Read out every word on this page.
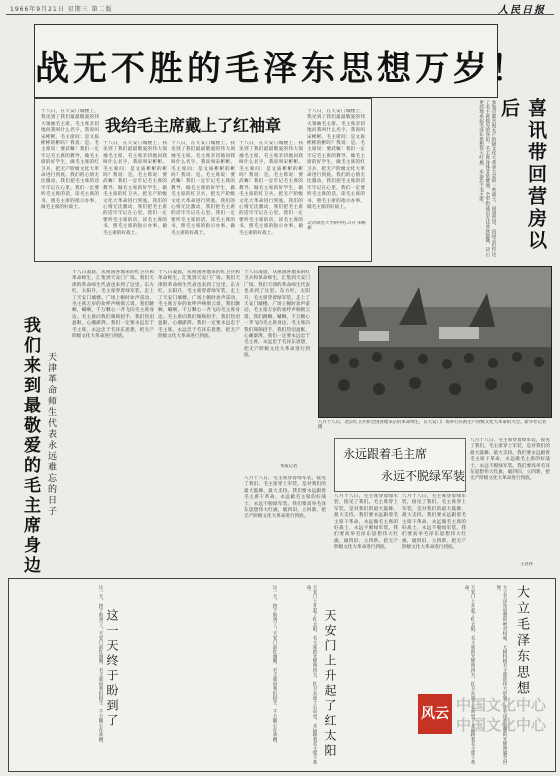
1966年9月21日 星期三 第二版	人民日报
战无不胜的毛泽东思想万岁！
我给毛主席戴上了红袖章
十八日，在天安门城楼上，我见到了我们最最敬爱的伟大领袖毛主席。毛主席亲切地问我叫什么名字，我说叫宋彬彬。毛主席问：是文质彬彬的彬吗？我说：是。毛主席说：要武嘛！我们一定牢记毛主席的教导，做毛主席的好学生，做毛主席的红卫兵，把无产阶级文化大革命进行到底。我们的心情无比激动，我们把毛主席的话牢牢记在心里。我们一定要听毛主席的话，读毛主席的书，照毛主席的指示办事，做毛主席的好战士。
十八日，在天安门城楼上，我见到了我们最最敬爱的伟大领袖毛主席。毛主席亲切地问我叫什么名字，我说叫宋彬彬。毛主席问：是文质彬彬的彬吗？我说：是。毛主席说：要武嘛！我们一定牢记毛主席的教导，做毛主席的好学生，做毛主席的红卫兵，把无产阶级文化大革命进行到底。我们的心情无比激动，我们把毛主席的话牢牢记在心里。我们一定要听毛主席的话，读毛主席的书，照毛主席的指示办事，做毛主席的好战士。
十八日，在天安门城楼上，我见到了我们最最敬爱的伟大领袖毛主席。毛主席亲切地问我叫什么名字，我说叫宋彬彬。毛主席问：是文质彬彬的彬吗？我说：是。毛主席说：要武嘛！我们一定牢记毛主席的教导，做毛主席的好学生，做毛主席的红卫兵，把无产阶级文化大革命进行到底。我们的心情无比激动，我们把毛主席的话牢牢记在心里。我们一定要听毛主席的话，读毛主席的书，照毛主席的指示办事，做毛主席的好战士。
十八日，在天安门城楼上，我见到了我们最最敬爱的伟大领袖毛主席。毛主席亲切地问我叫什么名字，我说叫宋彬彬。毛主席问：是文质彬彬的彬吗？我说：是。毛主席说：要武嘛！我们一定牢记毛主席的教导，做毛主席的好学生，做毛主席的红卫兵，把无产阶级文化大革命进行到底。我们的心情无比激动，我们把毛主席的话牢牢记在心里。我们一定要听毛主席的话，读毛主席的书，照毛主席的指示办事，做毛主席的好战士。
十八日，在天安门城楼上，我见到了我们最最敬爱的伟大领袖毛主席。毛主席亲切地问我叫什么名字，我说叫宋彬彬。毛主席问：是文质彬彬的彬吗？我说：是。毛主席说：要武嘛！我们一定牢记毛主席的教导，做毛主席的好学生，做毛主席的红卫兵，把无产阶级文化大革命进行到底。我们的心情无比激动，我们把毛主席的话牢牢记在心里。我们一定要听毛主席的话，读毛主席的书，照毛主席的指示办事，做毛主席的好战士。
北京师范大学附中红卫兵 宋彬彬	参加首都庆祝无产阶级文化大革命大会的一些战士，回到营房，向同志们传达了毛主席接见的喜讯。毛主席身体非常健康，全军指战员无比欢欣鼓舞，决心更高地举起毛泽东思想伟大红旗，永远忠于毛主席。	喜讯带回营房以后
我们来到最敬爱的毛主席身边 天津革命师生代表永远难忘的日子
十八日凌晨，从祖国各地来的红卫兵和革命师生，汇集到天安门广场。我们天津的革命师生代表也来到了这里。东方红，太阳升，毛主席穿着绿军装，走上了天安门城楼。广场上顿时欢声雷动，毛主席万岁的欢呼声响彻云霄。我们跳啊，喊啊，千万颗心一齐飞向毛主席身边。毛主席向我们频频招手，我们热泪盈眶，心潮澎湃。我们一定要永远忠于毛主席，永远忠于毛泽东思想，把无产阶级文化大革命进行到底。
十八日凌晨，从祖国各地来的红卫兵和革命师生，汇集到天安门广场。我们天津的革命师生代表也来到了这里。东方红，太阳升，毛主席穿着绿军装，走上了天安门城楼。广场上顿时欢声雷动，毛主席万岁的欢呼声响彻云霄。我们跳啊，喊啊，千万颗心一齐飞向毛主席身边。毛主席向我们频频招手，我们热泪盈眶，心潮澎湃。我们一定要永远忠于毛主席，永远忠于毛泽东思想，把无产阶级文化大革命进行到底。
十八日凌晨，从祖国各地来的红卫兵和革命师生，汇集到天安门广场。我们天津的革命师生代表也来到了这里。东方红，太阳升，毛主席穿着绿军装，走上了天安门城楼。广场上顿时欢声雷动，毛主席万岁的欢呼声响彻云霄。我们跳啊，喊啊，千万颗心一齐飞向毛主席身边。毛主席向我们频频招手，我们热泪盈眶，心潮澎湃。我们一定要永远忠于毛主席，永远忠于毛泽东思想，把无产阶级文化大革命进行到底。
本报记者
八月十八日，北京红卫兵和全国各地来京的革命师生，在天安门广场举行庆祝无产阶级文化大革命的大会。新华社记者摄
永远跟着毛主席
永远不脱绿军装
八月十八日，毛主席穿着绿军装，接见了我们。毛主席穿上军装，是对我们的最大鼓舞、最大支持。我们要永远跟着毛主席干革命，永远做毛主席的好战士，永远不脱绿军装。我们要高举毛泽东思想伟大红旗，破四旧，立四新，把无产阶级文化大革命进行到底。
八月十八日，毛主席穿着绿军装，接见了我们。毛主席穿上军装，是对我们的最大鼓舞、最大支持。我们要永远跟着毛主席干革命，永远做毛主席的好战士，永远不脱绿军装。我们要高举毛泽东思想伟大红旗，破四旧，立四新，把无产阶级文化大革命进行到底。
八月十八日，毛主席穿着绿军装，接见了我们。毛主席穿上军装，是对我们的最大鼓舞、最大支持。我们要永远跟着毛主席干革命，永远做毛主席的好战士，永远不脱绿军装。我们要高举毛泽东思想伟大红旗，破四旧，立四新，把无产阶级文化大革命进行到底。
八月十八日，毛主席穿着绿军装，接见了我们。毛主席穿上军装，是对我们的最大鼓舞、最大支持。我们要永远跟着毛主席干革命，永远做毛主席的好战士，永远不脱绿军装。我们要高举毛泽东思想伟大红旗，破四旧，立四新，把无产阶级文化大革命进行到底。
王君祥
这一天，终于盼到了！天安门前红旗飘，毛主席向我们招手，千万颗心在欢跳。 这一天终于盼到了	这一天，终于盼到了！天安门前红旗飘，毛主席向我们招手，千万颗心在欢跳。	天安门上升起了红太阳，毛主席的光辉照四方，红卫兵战士心向党，永远跟着毛主席干革命。
天安门上升起了红太阳	天安门上升起了红太阳，毛主席的光辉照四方，红卫兵战士心向党，永远跟着毛主席干革命。	大立毛泽东思想
大立毛泽东思想的绝对权威，大树特树毛主席的伟大形象，让毛泽东思想的光辉照遍全世界。
风云 中国文化中心
中国文化中心
